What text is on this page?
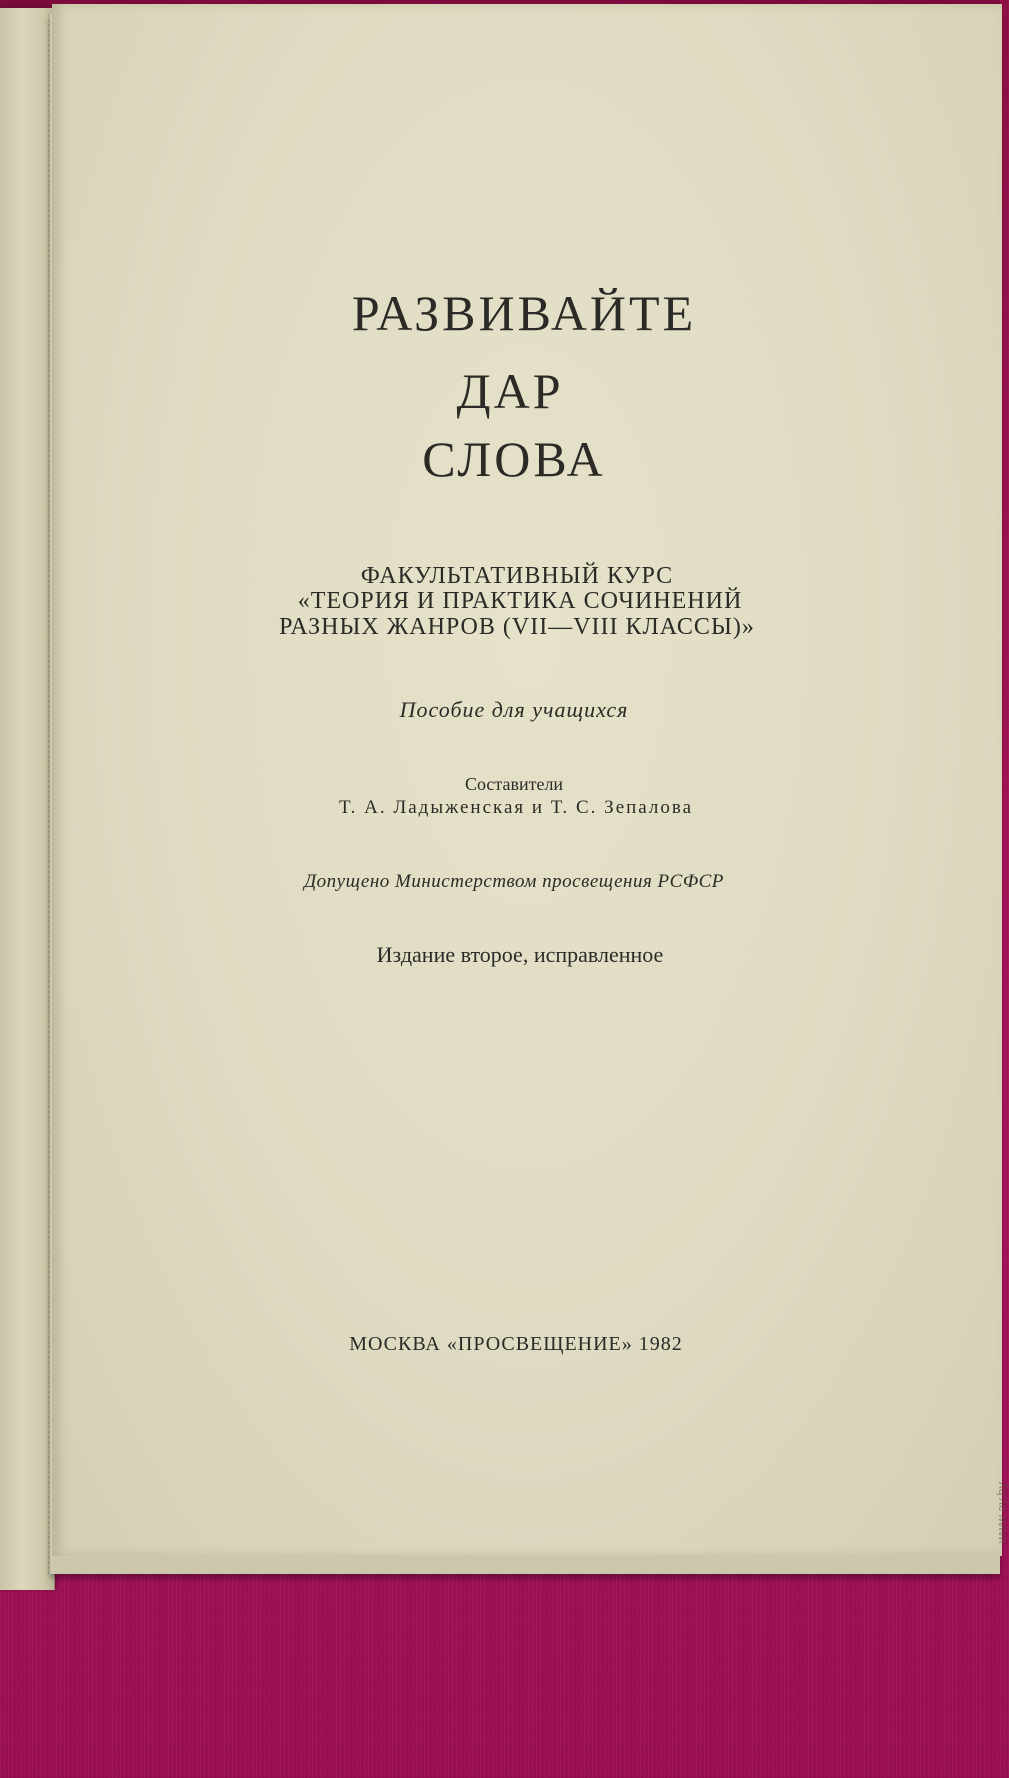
РАЗВИВАЙТЕ
ДАР
СЛОВА
ФАКУЛЬТАТИВНЫЙ КУРС
«ТЕОРИЯ И ПРАКТИКА СОЧИНЕНИЙ
РАЗНЫХ ЖАНРОВ (VII—VIII КЛАССЫ)»
Пособие для учащихся
Составители
Т. А. Ладыженская и Т. С. Зепалова
Допущено Министерством просвещения РСФСР
Издание второе, исправленное
МОСКВА «ПРОСВЕЩЕНИЕ» 1982
www.ay.by
